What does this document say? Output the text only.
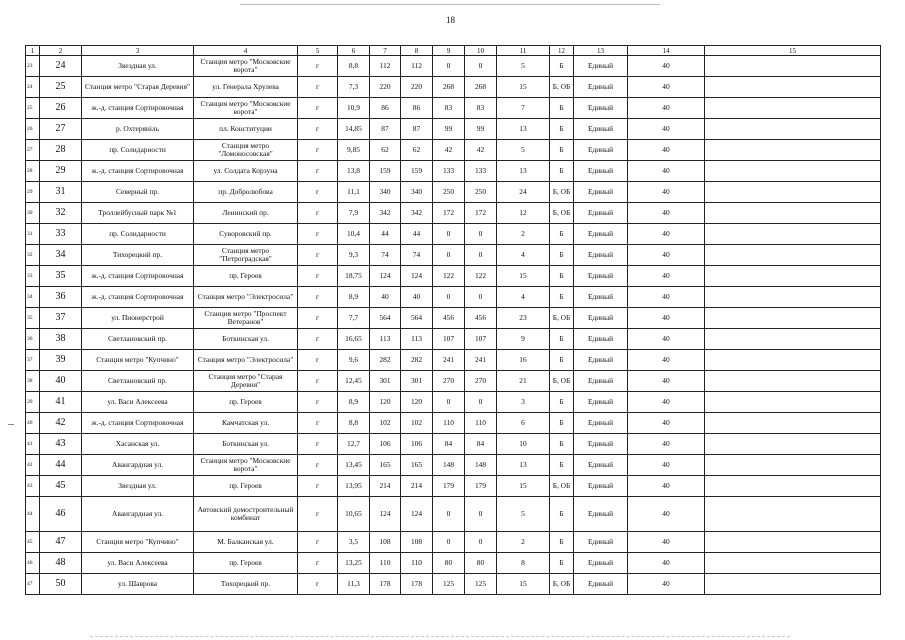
18
1	2	3	4	5	6	7	8	9	10	11	12	13	14	15
23	24	Звездная ул.	Станция метро "Московские ворота"	г	8,8	112	112	0	0	5	Б	Единый	40	
24	25	Станция метро "Старая Деревня"	ул. Генерала Хрулева	г	7,3	220	220	268	268	15	Б, ОБ	Единый	40	
25	26	ж.-д. станция Сортировочная	Станция метро "Московские ворота"	г	10,9	86	86	83	83	7	Б	Единый	40	
26	27	р. Охтеряніль	пл. Конституции	г	14,85	87	87	99	99	13	Б	Единый	40	
27	28	пр. Солидарности	Станция метро "Ломоносовская"	г	9,85	62	62	42	42	5	Б	Единый	40	
28	29	ж.-д. станция Сортировочная	ул. Солдата Корзуна	г	13,8	159	159	133	133	13	Б	Единый	40	
29	31	Северный пр.	пр. Добролюбова	г	11,1	340	340	250	250	24	Б, ОБ	Единый	40	
30	32	Троллейбусный парк №1	Ленинский пр.	г	7,9	342	342	172	172	12	Б, ОБ	Единый	40	
31	33	пр. Солидарности	Суворовский пр.	г	10,4	44	44	0	0	2	Б	Единый	40	
32	34	Тихорецкий пр.	Станция метро "Петроградская"	г	9,3	74	74	0	0	4	Б	Единый	40	
33	35	ж.-д. станция Сортировочная	пр. Героев	г	18,75	124	124	122	122	15	Б	Единый	40	
34	36	ж.-д. станция Сортировочная	Станция метро "Электросила"	г	8,9	40	40	0	0	4	Б	Единый	40	
35	37	ул. Пионерстрой	Станция метро "Проспект Ветеранов"	г	7,7	564	564	456	456	23	Б, ОБ	Единый	40	
36	38	Светлановский пр.	Боткинская ул.	г	16,65	113	113	107	107	9	Б	Единый	40	
37	39	Станция метро "Купчино"	Станция метро "Электросила"	г	9,6	282	282	241	241	16	Б	Единый	40	
38	40	Светлановский пр.	Станция метро "Старая Деревня"	г	12,45	301	301	270	270	21	Б, ОБ	Единый	40	
39	41	ул. Васи Алексеева	пр. Героев	г	8,9	120	120	0	0	3	Б	Единый	40	
40	42	ж.-д. станция Сортировочная	Камчатская ул.	г	8,8	102	102	110	110	6	Б	Единый	40	
41	43	Хасанская ул.	Боткинская ул.	г	12,7	106	106	84	84	10	Б	Единый	40	
42	44	Авангардная ул.	Станция метро "Московские ворота"	г	13,45	165	165	148	148	13	Б	Единый	40	
43	45	Звездная ул.	пр. Героев	г	13,95	214	214	179	179	15	Б, ОБ	Единый	40	
44	46	Авангардная ул.	Автовский домостроительный комбинат	г	10,65	124	124	0	0	5	Б	Единый	40	
45	47	Станция метро "Купчино"	М. Балканская ул.	г	3,5	108	108	0	0	2	Б	Единый	40	
46	48	ул. Васи Алексеева	пр. Героев	г	13,25	110	110	80	80	8	Б	Единый	40	
47	50	ул. Шаврова	Тихорецкий пр.	г	11,3	178	178	125	125	15	Б, ОБ	Единый	40	
